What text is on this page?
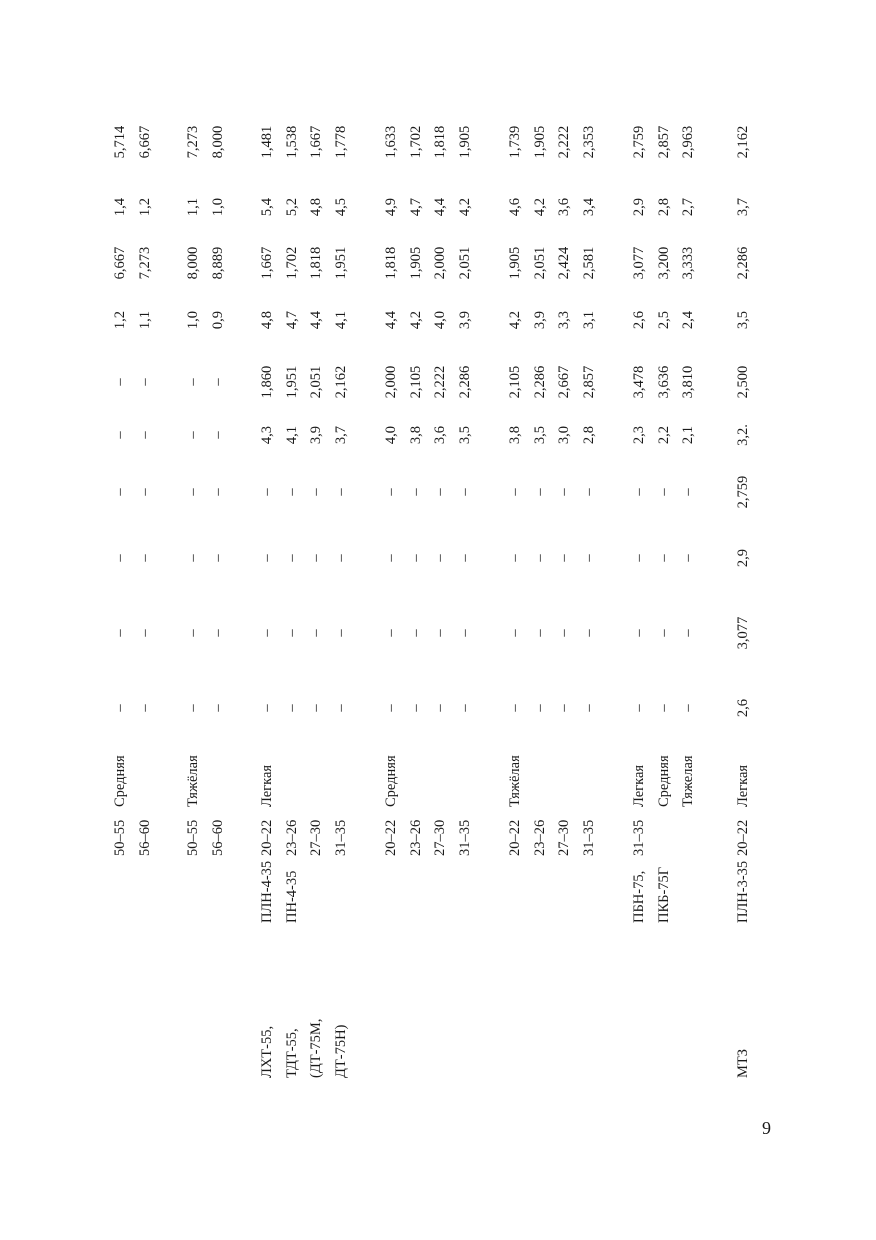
50–55
Средняя
–
–
–
–
–
–
1,2
6,667
1,4
5,714
56–60
–
–
–
–
–
–
1,1
7,273
1,2
6,667
50–55
Тяжёлая
–
–
–
–
–
–
1,0
8,000
1,1
7,273
56–60
–
–
–
–
–
–
0,9
8,889
1,0
8,000
ЛХТ-55, ТДТ-55, (ДТ-75М, ДТ-75Н)
ПЛН-4-35 ПН-4-35
20–22
Легкая
–
–
–
–
4,3
1,860
4,8
1,667
5,4
1,481
23–26
–
–
–
–
4,1
1,951
4,7
1,702
5,2
1,538
27–30
–
–
–
–
3,9
2,051
4,4
1,818
4,8
1,667
31–35
–
–
–
–
3,7
2,162
4,1
1,951
4,5
1,778
20–22
Средняя
–
–
–
–
4,0
2,000
4,4
1,818
4,9
1,633
23–26
–
–
–
–
3,8
2,105
4,2
1,905
4,7
1,702
27–30
–
–
–
–
3,6
2,222
4,0
2,000
4,4
1,818
31–35
–
–
–
–
3,5
2,286
3,9
2,051
4,2
1,905
20–22
Тяжёлая
–
–
–
–
3,8
2,105
4,2
1,905
4,6
1,739
23–26
–
–
–
–
3,5
2,286
3,9
2,051
4,2
1,905
27–30
–
–
–
–
3,0
2,667
3,3
2,424
3,6
2,222
31–35
–
–
–
–
2,8
2,857
3,1
2,581
3,4
2,353
ПБН-75, ПКБ-75Г
31–35
Легкая
–
–
–
–
2,3
3,478
2,6
3,077
2,9
2,759
Средняя
–
–
–
–
2,2
3,636
2,5
3,200
2,8
2,857
Тяжелая
–
–
–
–
2,1
3,810
2,4
3,333
2,7
2,963
МТЗ
ПЛН-3-35
20–22
Легкая
2,6
3,077
2,9
2,759
3,2.
2,500
3,5
2,286
3,7
2,162
9
